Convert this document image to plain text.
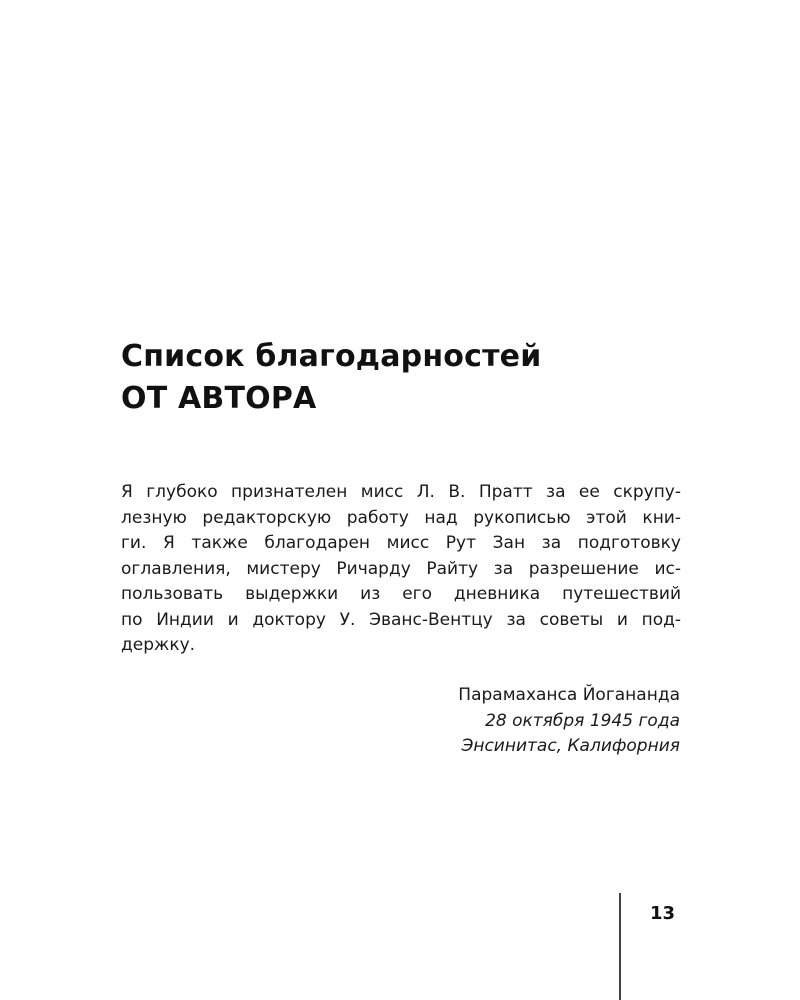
Список благодарностей
ОТ АВТОРА
Я глубоко признателен мисс Л. В. Пратт за ее скрупу-
лезную редакторскую работу над рукописью этой кни-
ги. Я также благодарен мисс Рут Зан за подготовку
оглавления, мистеру Ричарду Райту за разрешение ис-
пользовать выдержки из его дневника путешествий
по Индии и доктору У. Эванс-Вентцу за советы и под-
держку.
Парамаханса Йогананда
28 октября 1945 года
Энсинитас, Калифорния
13
